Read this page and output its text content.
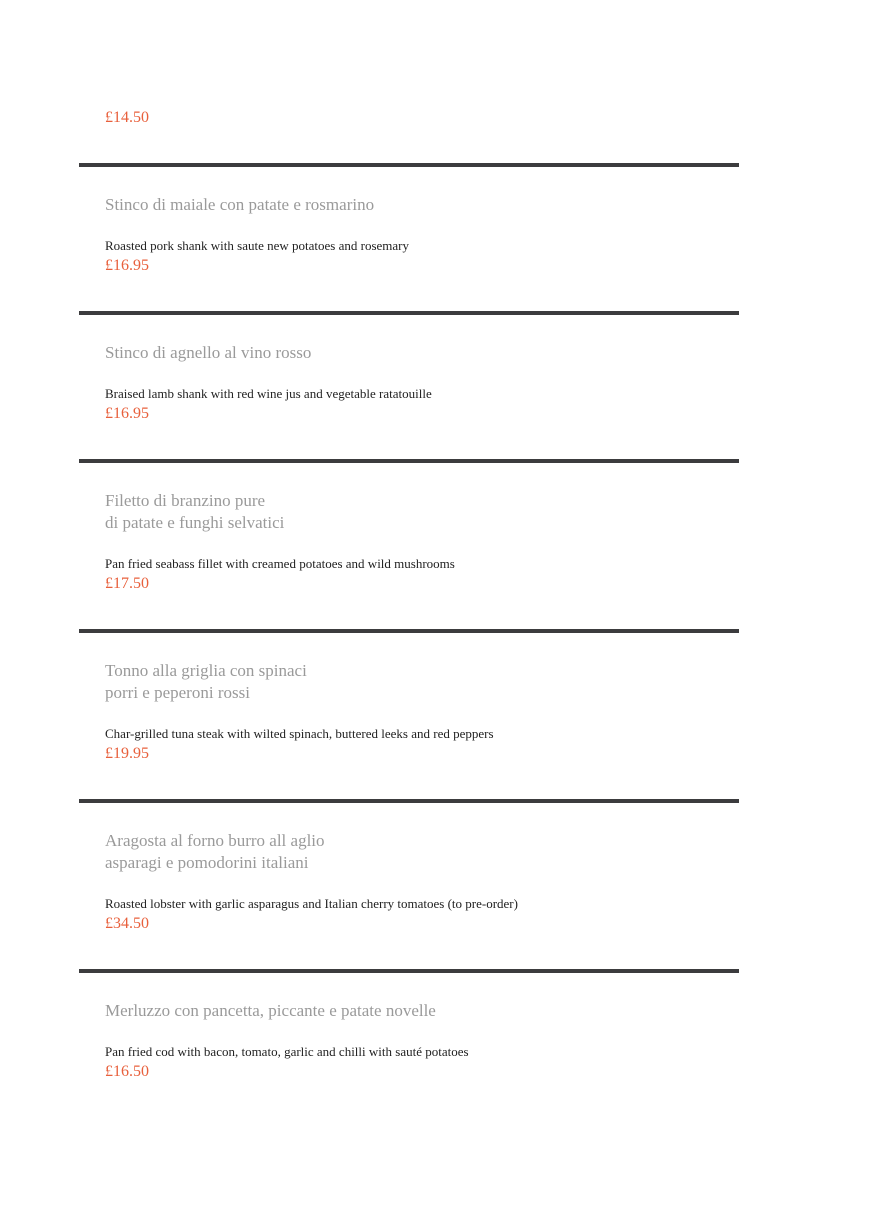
£14.50

Stinco di maiale con patate e rosmarino

Roasted pork shank with saute new potatoes and rosemary

£16.95

Stinco di agnello al vino rosso

Braised lamb shank with red wine jus and vegetable ratatouille

£16.95

Filetto di branzino pure
di patate e funghi selvatici

Pan fried seabass fillet with creamed potatoes and wild mushrooms

£17.50

Tonno alla griglia con spinaci
porri e peperoni rossi

Char-grilled tuna steak with wilted spinach, buttered leeks and red peppers

£19.95

Aragosta al forno burro all aglio
asparagi e pomodorini italiani

Roasted lobster with garlic asparagus and Italian cherry tomatoes (to pre-order)

£34.50

Merluzzo con pancetta, piccante e patate novelle

Pan fried cod with bacon, tomato, garlic and chilli with sauté potatoes

£16.50
